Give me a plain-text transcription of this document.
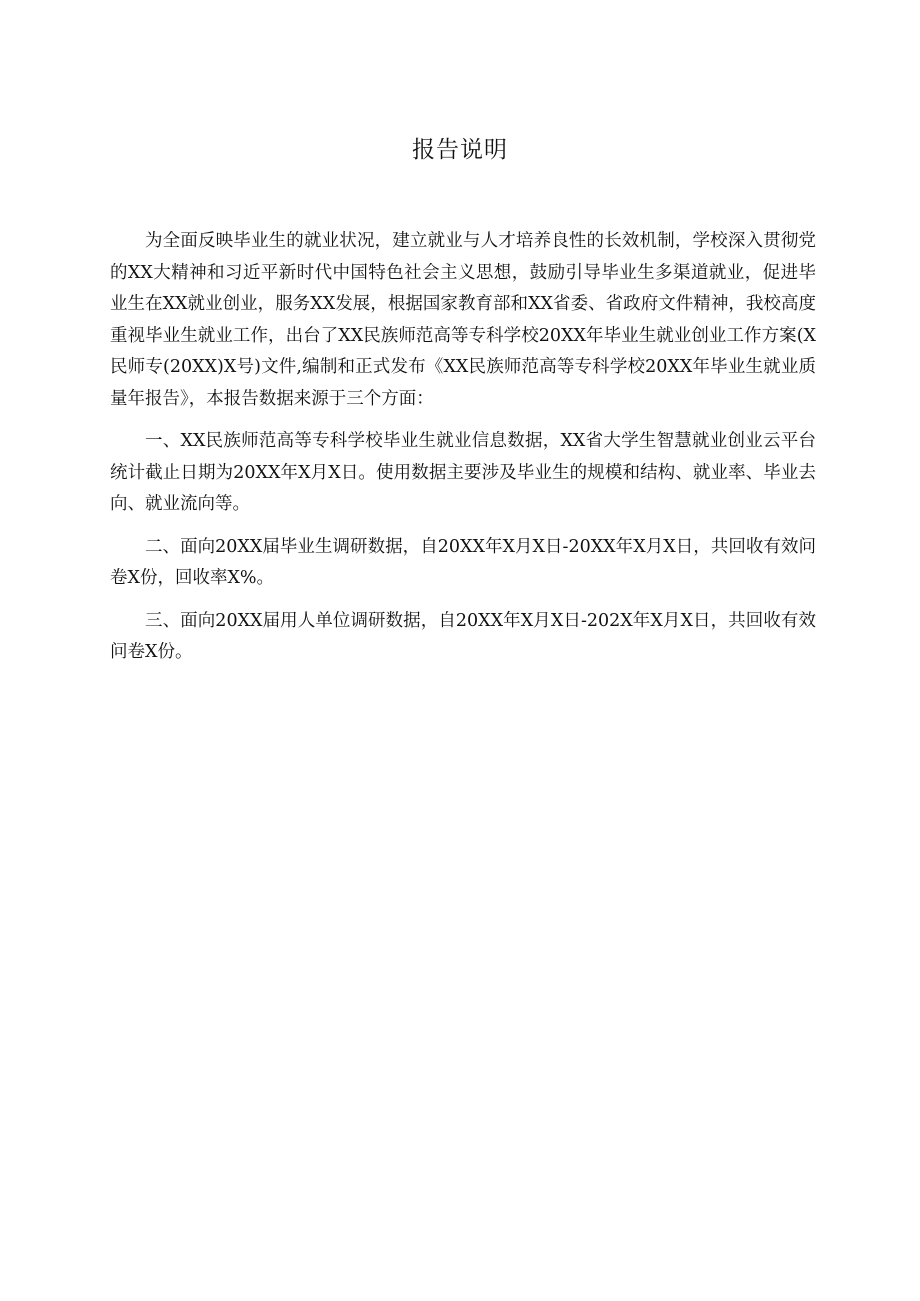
报告说明

为全面反映毕业生的就业状况，建立就业与人才培养良性的长效机制，学校深入贯彻党的XX大精神和习近平新时代中国特色社会主义思想，鼓励引导毕业生多渠道就业，促进毕业生在XX就业创业，服务XX发展，根据国家教育部和XX省委、省政府文件精神，我校高度重视毕业生就业工作，出台了XX民族师范高等专科学校20XX年毕业生就业创业工作方案(X民师专(20XX)X号)文件,编制和正式发布《XX民族师范高等专科学校20XX年毕业生就业质量年报告》，本报告数据来源于三个方面：

一、XX民族师范高等专科学校毕业生就业信息数据，XX省大学生智慧就业创业云平台统计截止日期为20XX年X月X日。使用数据主要涉及毕业生的规模和结构、就业率、毕业去向、就业流向等。

二、面向20XX届毕业生调研数据，自20XX年X月X日-20XX年X月X日，共回收有效问卷X份，回收率X%。

三、面向20XX届用人单位调研数据，自20XX年X月X日-202X年X月X日，共回收有效问卷X份。
